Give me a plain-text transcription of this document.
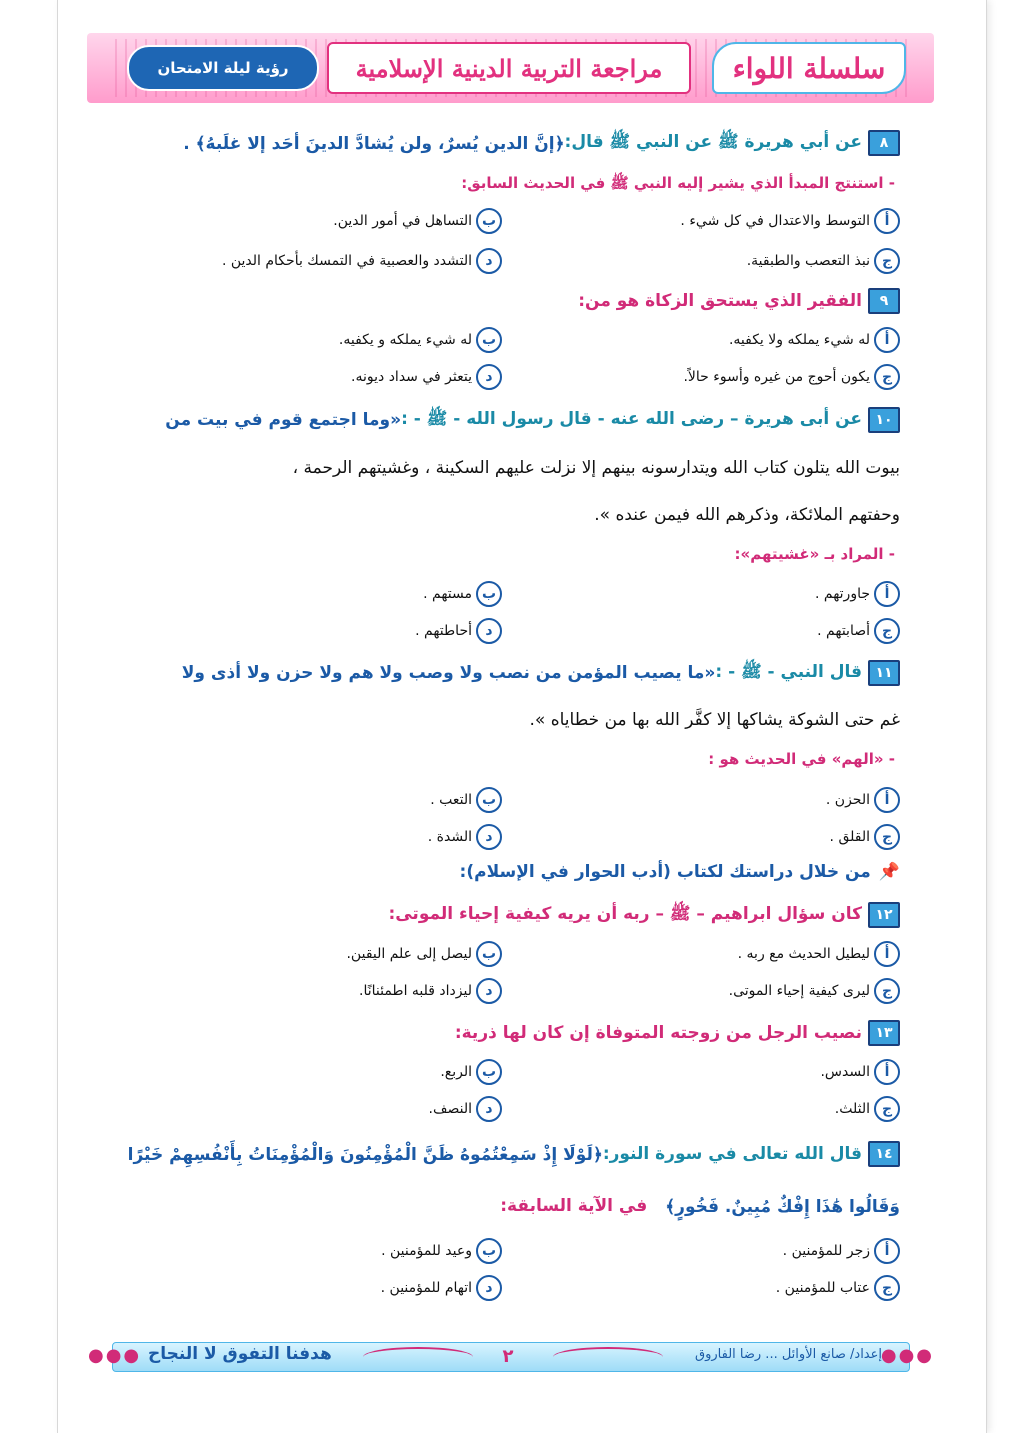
سلسلة اللواء
مراجعة التربية الدينية الإسلامية
رؤية ليلة الامتحان
٨
عن أبي هريرة ﷺ عن النبي ﷺ قال:
﴿إنَّ الدين يُسرٌ، ولن يُشادَّ الدينَ أحَد إلا غلَبهُ﴾ .
- استنتج المبدأ الذي يشير إليه النبي ﷺ في الحديث السابق:
أ
التوسط والاعتدال في كل شيء .
ب
التساهل في أمور الدين.
ج
نبذ التعصب والطبقية.
د
التشدد والعصبية في التمسك بأحكام الدين .
٩
الفقير الذي يستحق الزكاة هو من:
أ
له شيء يملكه ولا يكفيه.
ب
له شيء يملكه و يكفيه.
ج
يكون أحوج من غيره وأسوء حالاً.
د
يتعثر في سداد ديونه.
١٠
عن أبى هريرة – رضى الله عنه - قال رسول الله - ﷺ - :
«وما اجتمع قوم في بيت من
بيوت الله يتلون كتاب الله ويتدارسونه بينهم إلا نزلت عليهم السكينة ، وغشيتهم الرحمة ،
وحفتهم الملائكة، وذكرهم الله فيمن عنده ».
- المراد بـ «غشيتهم»:
أ
جاورتهم .
ب
مستهم .
ج
أصابتهم .
د
أحاطتهم .
١١
قال النبي - ﷺ - :
«ما يصيب المؤمن من نصب ولا وصب ولا هم ولا حزن ولا أذى ولا
غم حتى الشوكة يشاكها إلا كفَّر الله بها من خطاياه ».
- «الهم» في الحديث هو :
أ
الحزن .
ب
التعب .
ج
القلق .
د
الشدة .
📌
من خلال دراستك لكتاب (أدب الحوار في الإسلام):
١٢
كان سؤال ابراهيم – ﷺ – ربه أن يريه كيفية إحياء الموتى:
أ
ليطيل الحديث مع ربه .
ب
ليصل إلى علم اليقين.
ج
ليرى كيفية إحياء الموتى.
د
ليزداد قلبه اطمئنانًا.
١٣
نصيب الرجل من زوجته المتوفاة إن كان لها ذرية:
أ
السدس.
ب
الربع.
ج
الثلث.
د
النصف.
١٤
قال الله تعالى في سورة النور:
﴿لَوْلَا إِذْ سَمِعْتُمُوهُ ظَنَّ الْمُؤْمِنُونَ وَالْمُؤْمِنَاتُ بِأَنْفُسِهِمْ خَيْرًا
وَقَالُوا هَٰذَا إِفْكٌ مُبِينٌ. فَخُورٍ﴾
في الآية السابقة:
أ
زجر للمؤمنين .
ب
وعيد للمؤمنين .
ج
عتاب للمؤمنين .
د
اتهام للمؤمنين .
●●●	●●●
هدفنا التفوق لا النجاح	٢	إعداد/ صانع الأوائل ... رضا الفاروق
